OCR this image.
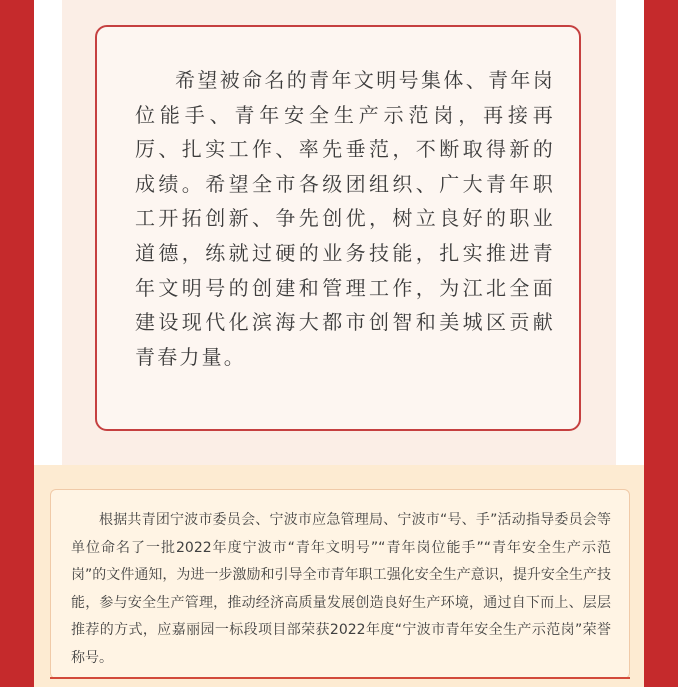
希望被命名的青年文明号集体、青年岗位能手、青年安全生产示范岗，再接再厉、扎实工作、率先垂范，不断取得新的成绩。希望全市各级团组织、广大青年职工开拓创新、争先创优，树立良好的职业道德，练就过硬的业务技能，扎实推进青年文明号的创建和管理工作，为江北全面建设现代化滨海大都市创智和美城区贡献青春力量。

根据共青团宁波市委员会、宁波市应急管理局、宁波市“号、手”活动指导委员会等单位命名了一批2022年度宁波市“青年文明号”“青年岗位能手”“青年安全生产示范岗”的文件通知，为进一步激励和引导全市青年职工强化安全生产意识，提升安全生产技能，参与安全生产管理，推动经济高质量发展创造良好生产环境，通过自下而上、层层推荐的方式，应嘉丽园一标段项目部荣获2022年度“宁波市青年安全生产示范岗”荣誉称号。
